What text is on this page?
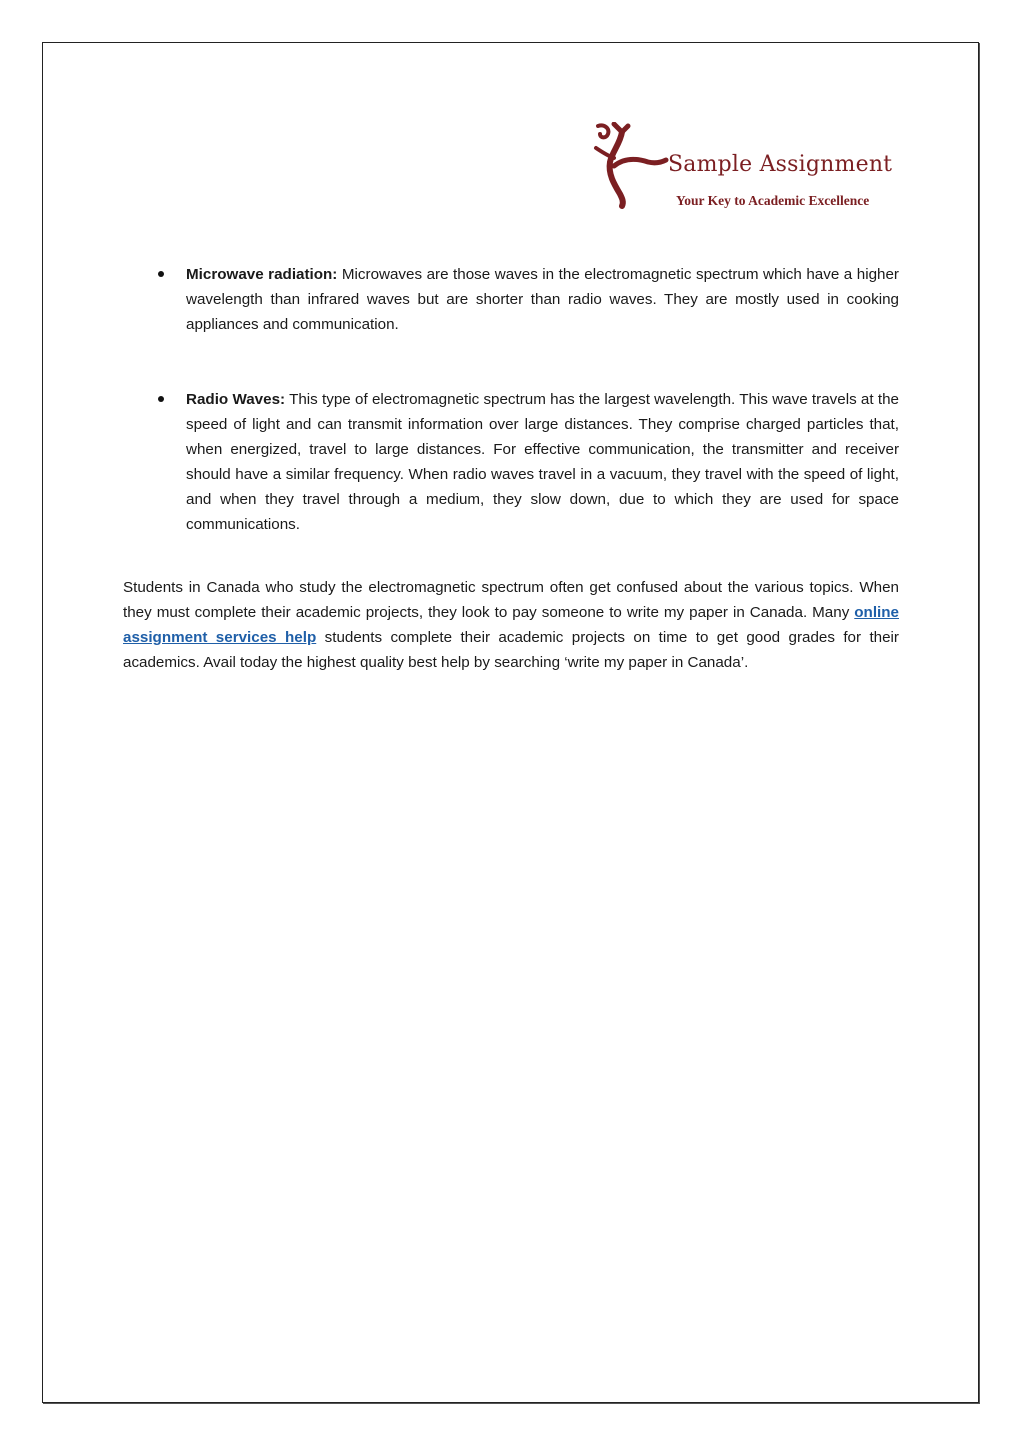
Sample Assignment
Your Key to Academic Excellence
Microwave radiation: Microwaves are those waves in the electromagnetic spectrum which have a higher wavelength than infrared waves but are shorter than radio waves. They are mostly used in cooking appliances and communication.
Radio Waves: This type of electromagnetic spectrum has the largest wavelength. This wave travels at the speed of light and can transmit information over large distances. They comprise charged particles that, when energized, travel to large distances. For effective communication, the transmitter and receiver should have a similar frequency. When radio waves travel in a vacuum, they travel with the speed of light, and when they travel through a medium, they slow down, due to which they are used for space communications.
Students in Canada who study the electromagnetic spectrum often get confused about the various topics. When they must complete their academic projects, they look to pay someone to write my paper in Canada. Many online assignment services help students complete their academic projects on time to get good grades for their academics. Avail today the highest quality best help by searching ‘write my paper in Canada’.
